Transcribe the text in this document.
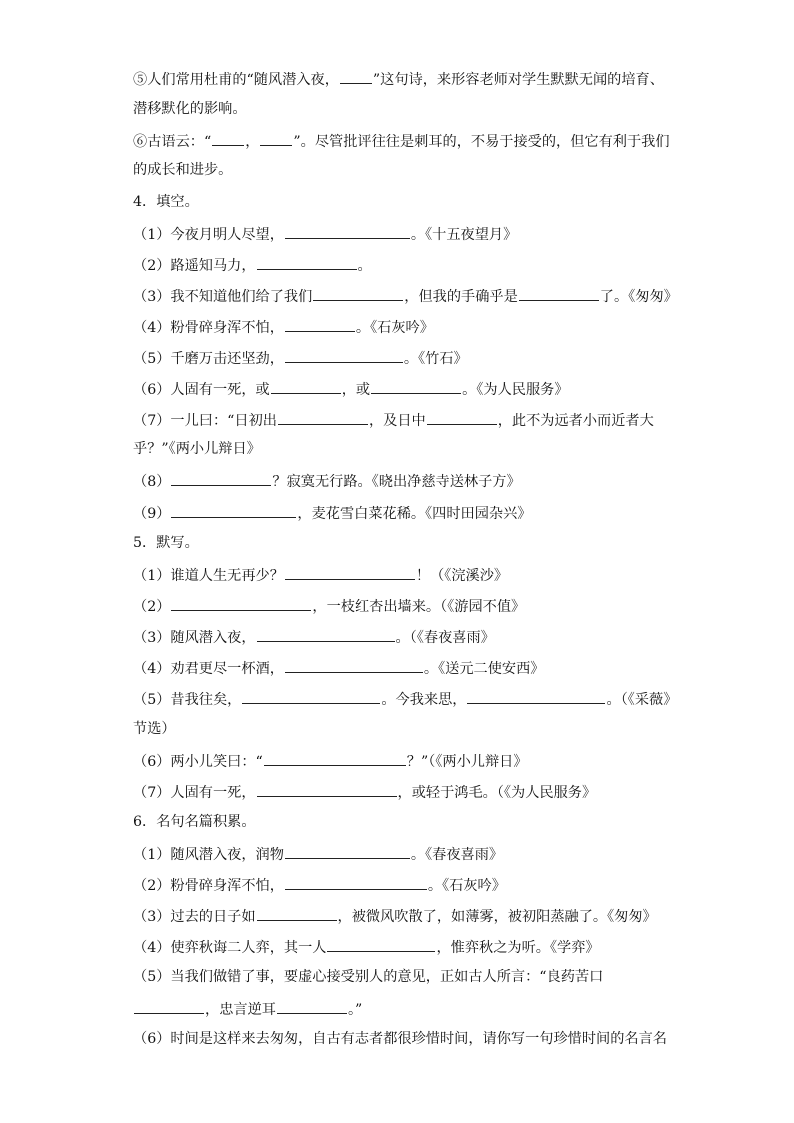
⑤人们常用杜甫的“随风潜入夜， ”这句诗，来形容老师对学生默默无闻的培育、
潜移默化的影响。
⑥古语云：“ ， ”。尽管批评往往是刺耳的，不易于接受的，但它有利于我们
的成长和进步。
4．填空。
（1）今夜月明人尽望，	。《十五夜望月》
（2）路遥知马力，	。
（3）我不知道他们给了我们	，但我的手确乎是	了。《匆匆》
（4）粉骨碎身浑不怕，	。《石灰吟》
（5）千磨万击还坚劲，	。《竹石》
（6）人固有一死，或	，或	。《为人民服务》
（7）一儿曰：“日初出	，及日中	，此不为远者小而近者大
乎？”《两小儿辩日》
（8）	？寂寞无行路。《晓出净慈寺送林子方》
（9）	，麦花雪白菜花稀。《四时田园杂兴》
5．默写。
（1）谁道人生无再少？	！（《浣溪沙》
（2）	，一枝红杏出墙来。（《游园不值》
（3）随风潜入夜，	。（《春夜喜雨》
（4）劝君更尽一杯酒，	。《送元二使安西》
（5）昔我往矣，	。今我来思，	。（《采薇》
节选）
（6）两小儿笑曰：“	？”（《两小儿辩日》
（7）人固有一死，	，或轻于鸿毛。（《为人民服务》
6．名句名篇积累。
（1）随风潜入夜，润物	。《春夜喜雨》
（2）粉骨碎身浑不怕，	。《石灰吟》
（3）过去的日子如	，被微风吹散了，如薄雾，被初阳蒸融了。《匆匆》
（4）使弈秋诲二人弈，其一人	，惟弈秋之为听。《学弈》
（5）当我们做错了事，要虚心接受别人的意见，正如古人所言：“良药苦口
，忠言逆耳	。”
（6）时间是这样来去匆匆，自古有志者都很珍惜时间，请你写一句珍惜时间的名言名
